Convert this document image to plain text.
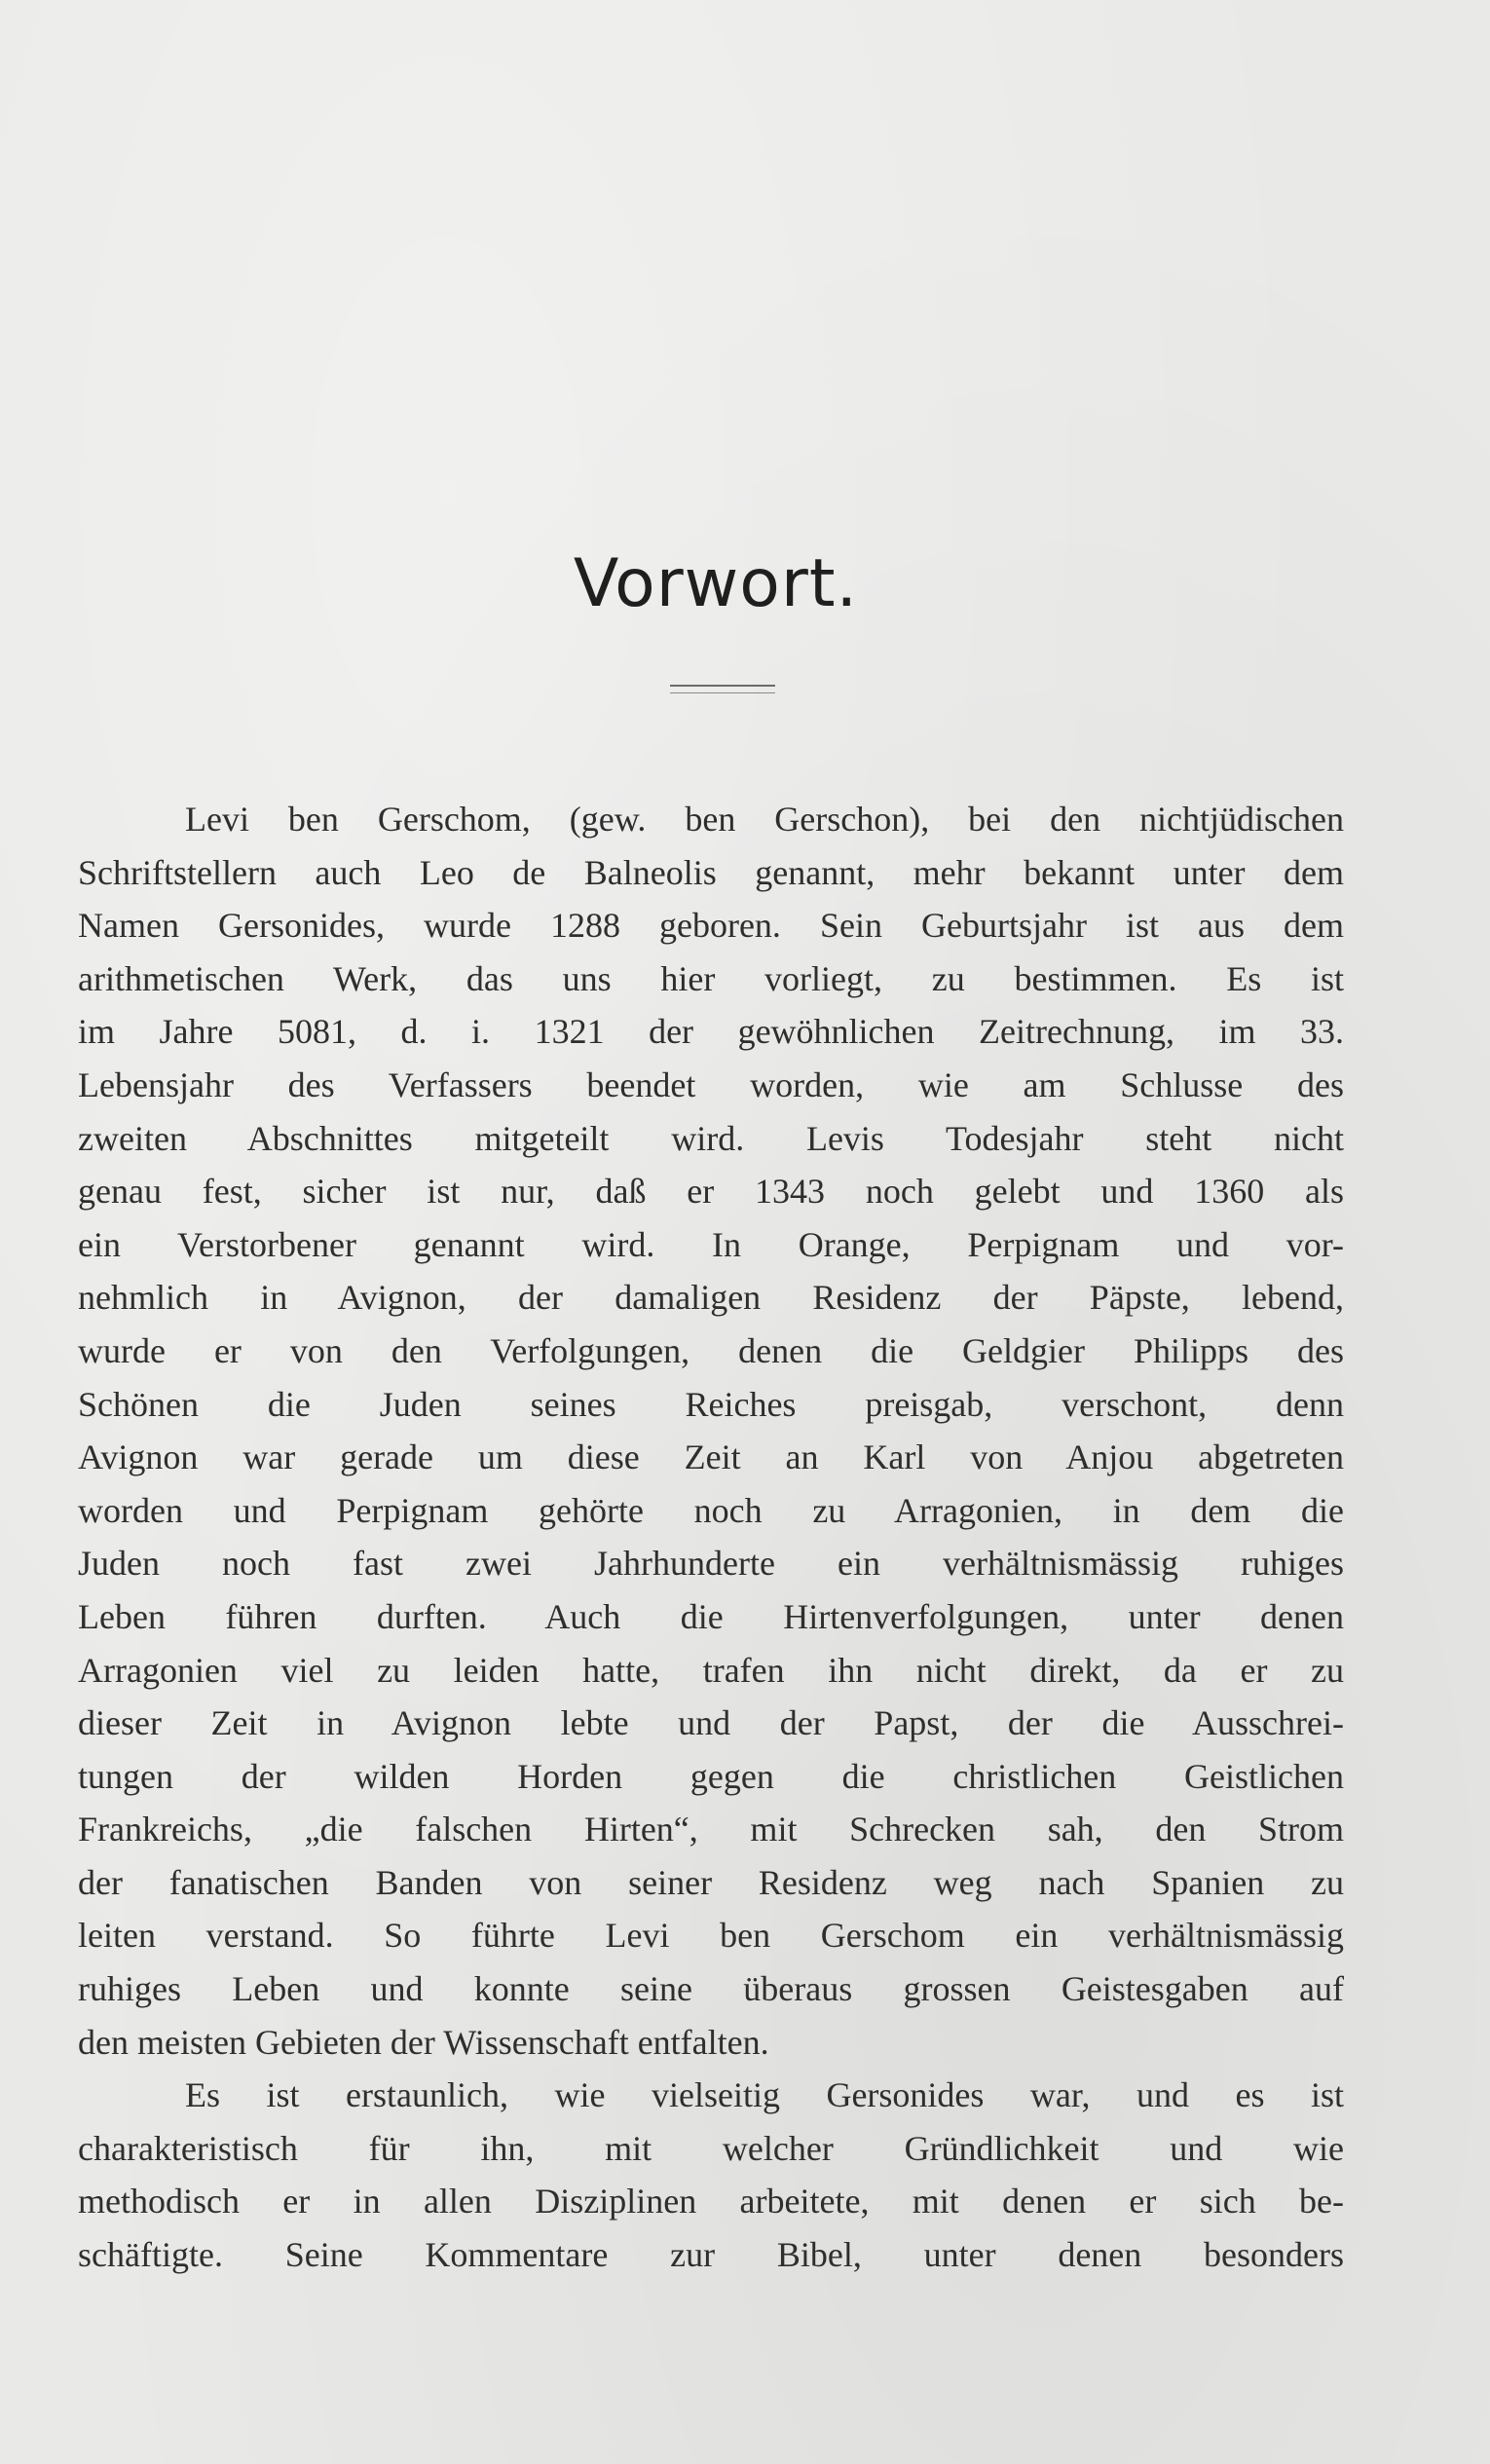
Vorwort.
Levi ben Gerschom, (gew. ben Gerschon), bei den nichtjüdischen
Schriftstellern auch Leo de Balneolis genannt, mehr bekannt unter dem
Namen Gersonides, wurde 1288 geboren. Sein Geburtsjahr ist aus dem
arithmetischen Werk, das uns hier vorliegt, zu bestimmen. Es ist
im Jahre 5081, d. i. 1321 der gewöhnlichen Zeitrechnung, im 33.
Lebensjahr des Verfassers beendet worden, wie am Schlusse des
zweiten Abschnittes mitgeteilt wird. Levis Todesjahr steht nicht
genau fest, sicher ist nur, daß er 1343 noch gelebt und 1360 als
ein Verstorbener genannt wird. In Orange, Perpignam und vor-
nehmlich in Avignon, der damaligen Residenz der Päpste, lebend,
wurde er von den Verfolgungen, denen die Geldgier Philipps des
Schönen die Juden seines Reiches preisgab, verschont, denn
Avignon war gerade um diese Zeit an Karl von Anjou abgetreten
worden und Perpignam gehörte noch zu Arragonien, in dem die
Juden noch fast zwei Jahrhunderte ein verhältnismässig ruhiges
Leben führen durften. Auch die Hirtenverfolgungen, unter denen
Arragonien viel zu leiden hatte, trafen ihn nicht direkt, da er zu
dieser Zeit in Avignon lebte und der Papst, der die Ausschrei-
tungen der wilden Horden gegen die christlichen Geistlichen
Frankreichs, „die falschen Hirten“, mit Schrecken sah, den Strom
der fanatischen Banden von seiner Residenz weg nach Spanien zu
leiten verstand. So führte Levi ben Gerschom ein verhältnismässig
ruhiges Leben und konnte seine überaus grossen Geistesgaben auf
den meisten Gebieten der Wissenschaft entfalten.
Es ist erstaunlich, wie vielseitig Gersonides war, und es ist
charakteristisch für ihn, mit welcher Gründlichkeit und wie
methodisch er in allen Disziplinen arbeitete, mit denen er sich be-
schäftigte. Seine Kommentare zur Bibel, unter denen besonders
